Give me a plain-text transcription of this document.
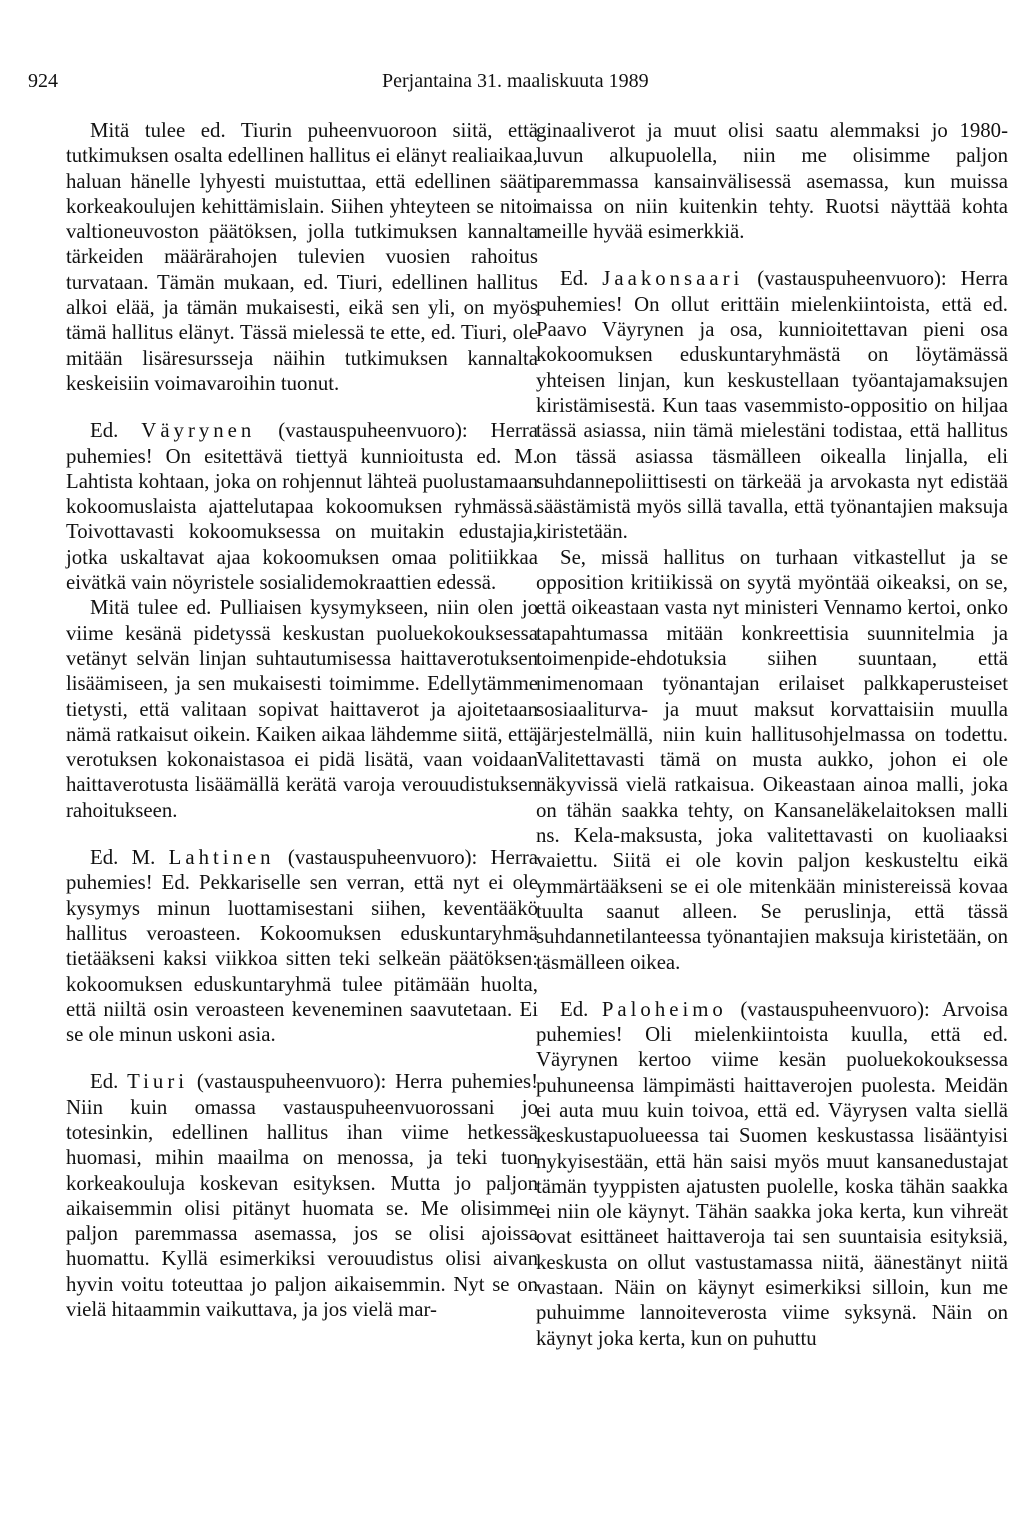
924	Perjantaina 31. maaliskuuta 1989

Mitä tulee ed. Tiurin puheenvuoroon siitä, että tutkimuksen osalta edellinen hallitus ei elänyt realiaikaa, haluan hänelle lyhyesti muistuttaa, että edellinen sääti korkeakoulujen kehittämislain. Siihen yhteyteen se nitoi valtioneuvoston päätöksen, jolla tutkimuksen kannalta tärkeiden määrärahojen tulevien vuosien rahoitus turvataan. Tämän mukaan, ed. Tiuri, edellinen hallitus alkoi elää, ja tämän mukaisesti, eikä sen yli, on myös tämä hallitus elänyt. Tässä mielessä te ette, ed. Tiuri, ole mitään lisäresursseja näihin tutkimuksen kannalta keskeisiin voimavaroihin tuonut.

Ed. Väyrynen (vastauspuheenvuoro): Herra puhemies! On esitettävä tiettyä kunnioitusta ed. M. Lahtista kohtaan, joka on rohjennut lähteä puolustamaan kokoomuslaista ajattelutapaa kokoomuksen ryhmässä. Toivottavasti kokoomuksessa on muitakin edustajia, jotka uskaltavat ajaa kokoomuksen omaa politiikkaa eivätkä vain nöyristele sosialidemokraattien edessä.

Mitä tulee ed. Pulliaisen kysymykseen, niin olen jo viime kesänä pidetyssä keskustan puoluekokouksessa vetänyt selvän linjan suhtautumisessa haittaverotuksen lisäämiseen, ja sen mukaisesti toimimme. Edellytämme tietysti, että valitaan sopivat haittaverot ja ajoitetaan nämä ratkaisut oikein. Kaiken aikaa lähdemme siitä, että verotuksen kokonaistasoa ei pidä lisätä, vaan voidaan haittaverotusta lisäämällä kerätä varoja verouudistuksen rahoitukseen.

Ed. M. Lahtinen (vastauspuheenvuoro): Herra puhemies! Ed. Pekkariselle sen verran, että nyt ei ole kysymys minun luottamisestani siihen, keventääkö hallitus veroasteen. Kokoomuksen eduskuntaryhmä tietääkseni kaksi viikkoa sitten teki selkeän päätöksen: kokoomuksen eduskuntaryhmä tulee pitämään huolta, että niiltä osin veroasteen keveneminen saavutetaan. Ei se ole minun uskoni asia.

Ed. Tiuri (vastauspuheenvuoro): Herra puhemies! Niin kuin omassa vastauspuheenvuorossani jo totesinkin, edellinen hallitus ihan viime hetkessä huomasi, mihin maailma on menossa, ja teki tuon korkeakouluja koskevan esityksen. Mutta jo paljon aikaisemmin olisi pitänyt huomata se. Me olisimme paljon paremmassa asemassa, jos se olisi ajoissa huomattu. Kyllä esimerkiksi verouudistus olisi aivan hyvin voitu toteuttaa jo paljon aikaisemmin. Nyt se on vielä hitaammin vaikuttava, ja jos vielä mar-

ginaaliverot ja muut olisi saatu alemmaksi jo 1980-luvun alkupuolella, niin me olisimme paljon paremmassa kansainvälisessä asemassa, kun muissa maissa on niin kuitenkin tehty. Ruotsi näyttää kohta meille hyvää esimerkkiä.

Ed. Jaakonsaari (vastauspuheenvuoro): Herra puhemies! On ollut erittäin mielenkiintoista, että ed. Paavo Väyrynen ja osa, kunnioitettavan pieni osa kokoomuksen eduskuntaryhmästä on löytämässä yhteisen linjan, kun keskustellaan työantajamaksujen kiristämisestä. Kun taas vasemmisto-oppositio on hiljaa tässä asiassa, niin tämä mielestäni todistaa, että hallitus on tässä asiassa täsmälleen oikealla linjalla, eli suhdannepoliittisesti on tärkeää ja arvokasta nyt edistää säästämistä myös sillä tavalla, että työnantajien maksuja kiristetään.

Se, missä hallitus on turhaan vitkastellut ja se opposition kritiikissä on syytä myöntää oikeaksi, on se, että oikeastaan vasta nyt ministeri Vennamo kertoi, onko tapahtumassa mitään konkreettisia suunnitelmia ja toimenpide-ehdotuksia siihen suuntaan, että nimenomaan työnantajan erilaiset palkkaperusteiset sosiaaliturva- ja muut maksut korvattaisiin muulla järjestelmällä, niin kuin hallitusohjelmassa on todettu. Valitettavasti tämä on musta aukko, johon ei ole näkyvissä vielä ratkaisua. Oikeastaan ainoa malli, joka on tähän saakka tehty, on Kansaneläkelaitoksen malli ns. Kela-maksusta, joka valitettavasti on kuoliaaksi vaiettu. Siitä ei ole kovin paljon keskusteltu eikä ymmärtääkseni se ei ole mitenkään ministereissä kovaa tuulta saanut alleen. Se peruslinja, että tässä suhdannetilanteessa työnantajien maksuja kiristetään, on täsmälleen oikea.

Ed. Paloheimo (vastauspuheenvuoro): Arvoisa puhemies! Oli mielenkiintoista kuulla, että ed. Väyrynen kertoo viime kesän puoluekokouksessa puhuneensa lämpimästi haittaverojen puolesta. Meidän ei auta muu kuin toivoa, että ed. Väyrysen valta siellä keskustapuolueessa tai Suomen keskustassa lisääntyisi nykyisestään, että hän saisi myös muut kansanedustajat tämän tyyppisten ajatusten puolelle, koska tähän saakka ei niin ole käynyt. Tähän saakka joka kerta, kun vihreät ovat esittäneet haittaveroja tai sen suuntaisia esityksiä, keskusta on ollut vastustamassa niitä, äänestänyt niitä vastaan. Näin on käynyt esimerkiksi silloin, kun me puhuimme lannoiteverosta viime syksynä. Näin on käynyt joka kerta, kun on puhuttu
